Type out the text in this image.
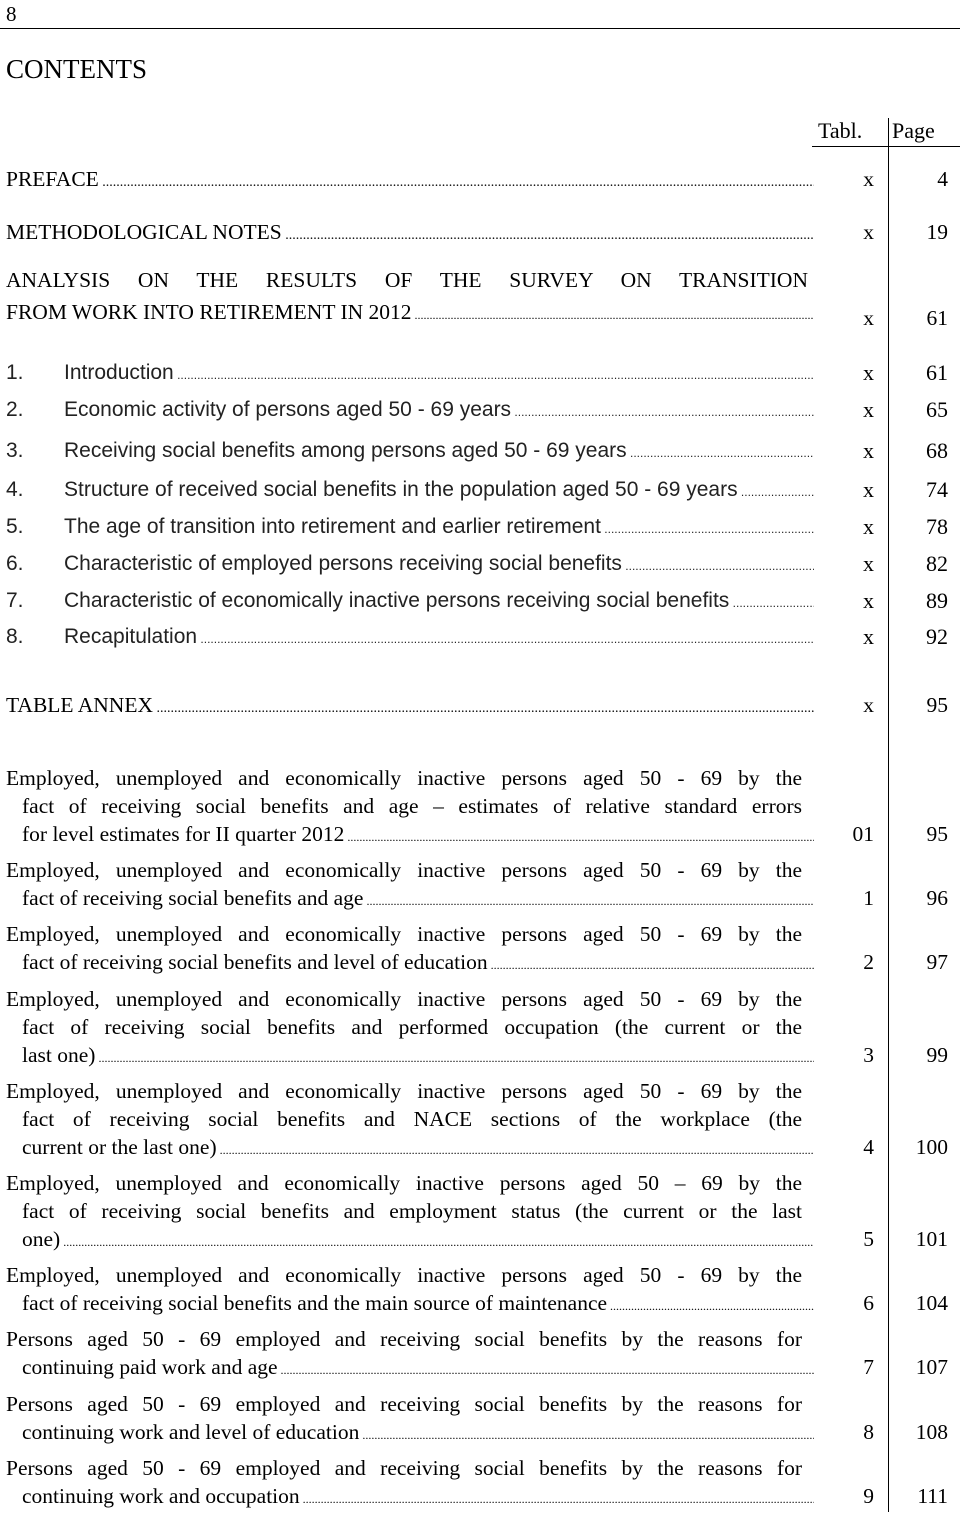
8
CONTENTS
Tabl. Page
PREFACE .....	x	4
METHODOLOGICAL NOTES .....	x	19
ANALYSIS ON THE RESULTS OF THE SURVEY ON TRANSITION
FROM WORK INTO RETIREMENT IN 2012 .....	x	61
1. Introduction .....	x	61
2. Economic activity of persons aged 50 - 69 years .....	x	65
3. Receiving social benefits among persons aged 50 - 69 years .....	x	68
4. Structure of received social benefits in the population aged 50 - 69 years .....	x	74
5. The age of transition into retirement and earlier retirement .....	x	78
6. Characteristic of employed persons receiving social benefits .....	x	82
7. Characteristic of economically inactive persons receiving social benefits .....	x	89
8. Recapitulation .....	x	92
TABLE ANNEX .....	x	95
Employed, unemployed and economically inactive persons aged 50 - 69 by the
fact of receiving social benefits and age – estimates of relative standard errors
for level estimates for II quarter 2012 .....	01	95
Employed, unemployed and economically inactive persons aged 50 - 69 by the
fact of receiving social benefits and age .....	1	96
Employed, unemployed and economically inactive persons aged 50 - 69 by the
fact of receiving social benefits and level of education .....	2	97
Employed, unemployed and economically inactive persons aged 50 - 69 by the
fact of receiving social benefits and performed occupation (the current or the
last one) .....	3	99
Employed, unemployed and economically inactive persons aged 50 - 69 by the
fact of receiving social benefits and NACE sections of the workplace (the
current or the last one) .....	4	100
Employed, unemployed and economically inactive persons aged 50 – 69 by the
fact of receiving social benefits and employment status (the current or the last
one) .....	5	101
Employed, unemployed and economically inactive persons aged 50 - 69 by the
fact of receiving social benefits and the main source of maintenance .....	6	104
Persons aged 50 - 69 employed and receiving social benefits by the reasons for
continuing paid work and age .....	7	107
Persons aged 50 - 69 employed and receiving social benefits by the reasons for
continuing work and level of education .....	8	108
Persons aged 50 - 69 employed and receiving social benefits by the reasons for
continuing work and occupation .....	9	111
